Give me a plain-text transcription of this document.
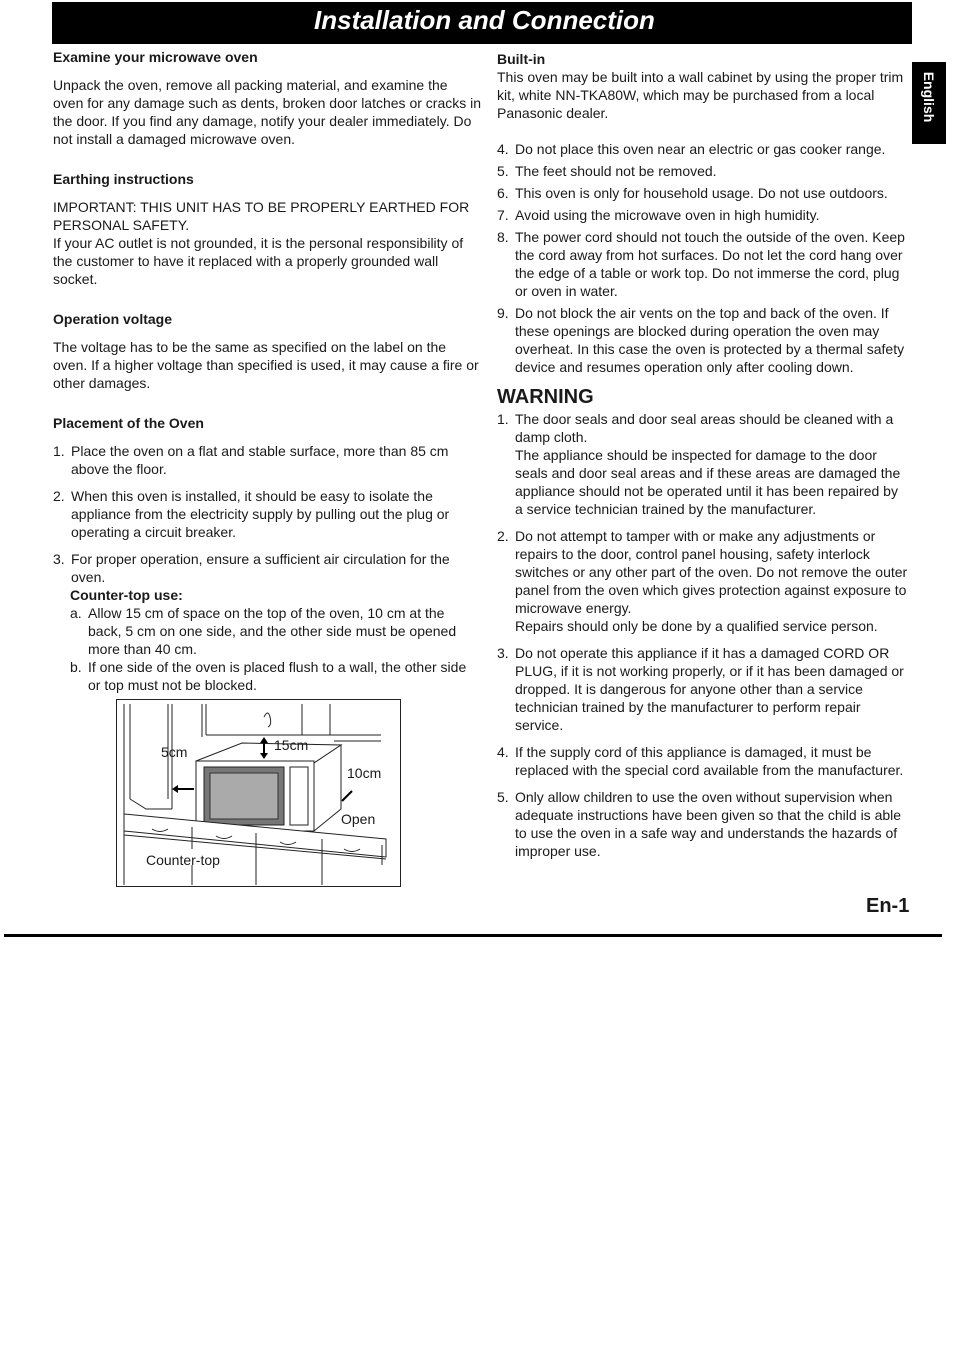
Installation and Connection
English
Examine your microwave oven

Unpack the oven, remove all packing material, and examine the oven for any damage such as dents, broken door latches or cracks in the door. If you find any damage, notify your dealer immediately. Do not install a damaged microwave oven.

Earthing instructions

IMPORTANT: THIS UNIT HAS TO BE PROPERLY EARTHED FOR PERSONAL SAFETY.

If your AC outlet is not grounded, it is the personal responsibility of the customer to have it replaced with a properly grounded wall socket.

Operation voltage

The voltage has to be the same as specified on the label on the oven. If a higher voltage than specified is used, it may cause a fire or other damages.

Placement of the Oven
1. Place the oven on a flat and stable surface, more than 85 cm above the floor.
2. When this oven is installed, it should be easy to isolate the appliance from the electricity supply by pulling out the plug or operating a circuit breaker.
3. For proper operation, ensure a sufficient air circulation for the oven.
Counter-top use:
a. Allow 15 cm of space on the top of the oven, 10 cm at the back, 5 cm on one side, and the other side must be opened more than 40 cm.
b. If one side of the oven is placed flush to a wall, the other side or top must not be blocked.
5cm	15cm
10cm
Open
Counter-top
Built-in

This oven may be built into a wall cabinet by using the proper trim kit, white NN-TKA80W, which may be purchased from a local Panasonic dealer.

4. Do not place this oven near an electric or gas cooker range.
5. The feet should not be removed.
6. This oven is only for household usage. Do not use outdoors.
7. Avoid using the microwave oven in high humidity.
8. The power cord should not touch the outside of the oven. Keep the cord away from hot surfaces. Do not let the cord hang over the edge of a table or work top. Do not immerse the cord, plug or oven in water.
9. Do not block the air vents on the top and back of the oven. If these openings are blocked during operation the oven may overheat. In this case the oven is protected by a thermal safety device and resumes operation only after cooling down.
WARNING
1. The door seals and door seal areas should be cleaned with a damp cloth.
The appliance should be inspected for damage to the door seals and door seal areas and if these areas are damaged the appliance should not be operated until it has been repaired by a service technician trained by the manufacturer.
2. Do not attempt to tamper with or make any adjustments or repairs to the door, control panel housing, safety interlock switches or any other part of the oven. Do not remove the outer panel from the oven which gives protection against exposure to microwave energy.
Repairs should only be done by a qualified service person.
3. Do not operate this appliance if it has a damaged CORD OR PLUG, if it is not working properly, or if it has been damaged or dropped. It is dangerous for anyone other than a service technician trained by the manufacturer to perform repair service.
4. If the supply cord of this appliance is damaged, it must be replaced with the special cord available from the manufacturer.
5. Only allow children to use the oven without supervision when adequate instructions have been given so that the child is able to use the oven in a safe way and understands the hazards of improper use.
En-1
